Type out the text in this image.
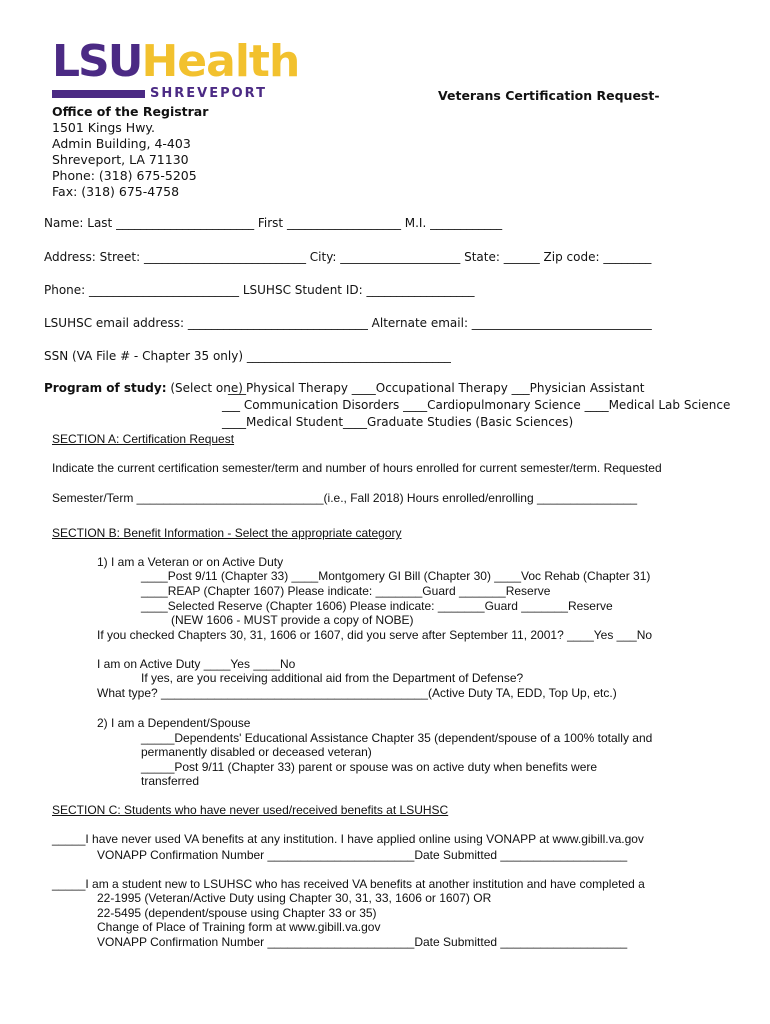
LSUHealth
SHREVEPORT	Veterans Certification Request-
Office of the Registrar
1501 Kings Hwy.
Admin Building, 4-403
Shreveport, LA 71130
Phone: (318) 675-5205
Fax: (318) 675-4758
Name: Last _______________________ First ___________________ M.I. ____________
Address: Street: ___________________________ City: ____________________ State: ______ Zip code: ________
Phone: _________________________ LSUHSC Student ID: __________________
LSUHSC email address: ______________________________ Alternate email: ______________________________
SSN (VA File # - Chapter 35 only) __________________________________
Program of study: (Select one)
___Physical Therapy ____Occupational Therapy ___Physician Assistant
___ Communication Disorders ____Cardiopulmonary Science ____Medical Lab Science
____Medical Student____Graduate Studies (Basic Sciences)
SECTION A: Certification Request
Indicate the current certification semester/term and number of hours enrolled for current semester/term. Requested
Semester/Term ____________________________(i.e., Fall 2018) Hours enrolled/enrolling _______________
SECTION B: Benefit Information - Select the appropriate category
1) I am a Veteran or on Active Duty
____Post 9/11 (Chapter 33) ____Montgomery GI Bill (Chapter 30) ____Voc Rehab (Chapter 31)
____REAP (Chapter 1607) Please indicate: _______Guard _______Reserve
____Selected Reserve (Chapter 1606) Please indicate: _______Guard _______Reserve
(NEW 1606 - MUST provide a copy of NOBE)
If you checked Chapters 30, 31, 1606 or 1607, did you serve after September 11, 2001? ____Yes ___No
I am on Active Duty ____Yes ____No
If yes, are you receiving additional aid from the Department of Defense?
What type? ________________________________________(Active Duty TA, EDD, Top Up, etc.)
2) I am a Dependent/Spouse
_____Dependents' Educational Assistance Chapter 35 (dependent/spouse of a 100% totally and
permanently disabled or deceased veteran)
_____Post 9/11 (Chapter 33) parent or spouse was on active duty when benefits were
transferred
SECTION C: Students who have never used/received benefits at LSUHSC
_____I have never used VA benefits at any institution. I have applied online using VONAPP at www.gibill.va.gov
VONAPP Confirmation Number ______________________Date Submitted ___________________
_____I am a student new to LSUHSC who has received VA benefits at another institution and have completed a
22-1995 (Veteran/Active Duty using Chapter 30, 31, 33, 1606 or 1607) OR
22-5495 (dependent/spouse using Chapter 33 or 35)
Change of Place of Training form at www.gibill.va.gov
VONAPP Confirmation Number ______________________Date Submitted ___________________
